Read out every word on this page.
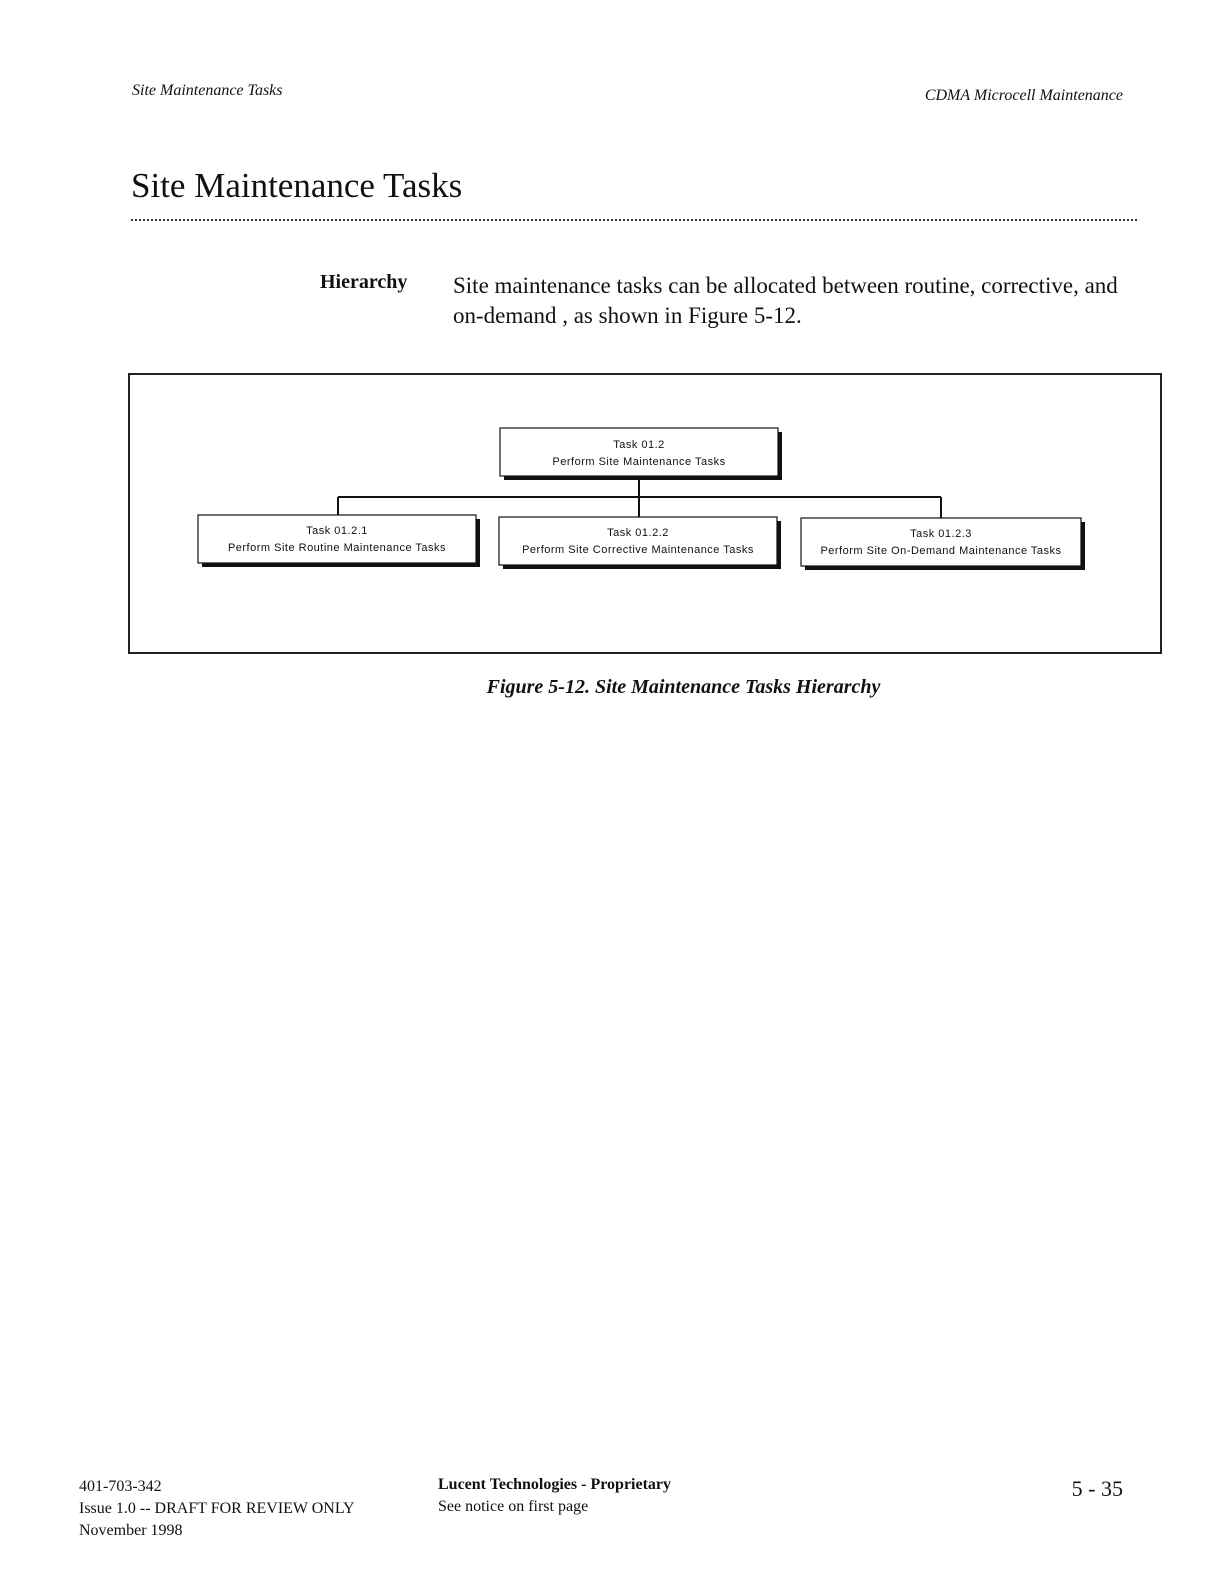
Site Maintenance Tasks	CDMA Microcell Maintenance
Site Maintenance Tasks
Hierarchy Site maintenance tasks can be allocated between routine, corrective, and on-demand , as shown in Figure 5-12.
Task 01.2
Perform Site Maintenance Tasks
Task 01.2.1
Perform Site Routine Maintenance Tasks
Task 01.2.2
Perform Site Corrective Maintenance Tasks
Task 01.2.3
Perform Site On-Demand Maintenance Tasks
Figure 5-12. Site Maintenance Tasks Hierarchy
401-703-342
Issue 1.0 -- DRAFT FOR REVIEW ONLY
November 1998
Lucent Technologies - Proprietary
See notice on first page
5 - 35
